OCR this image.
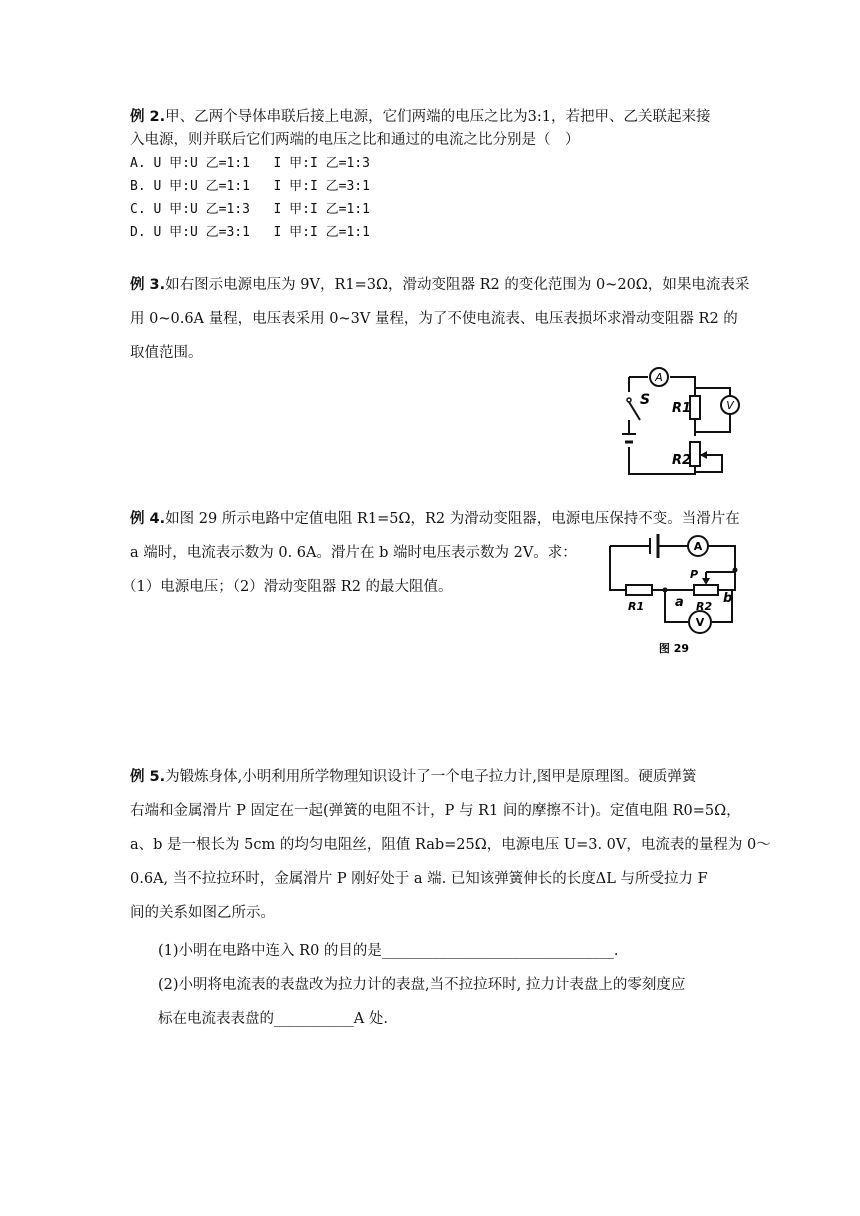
例 2.甲、乙两个导体串联后接上电源，它们两端的电压之比为3:1，若把甲、乙关联起来接
入电源，则并联后它们两端的电压之比和通过的电流之比分别是（　）
A. U 甲:U 乙=1:1 I 甲:I 乙=1:3
B. U 甲:U 乙=1:1 I 甲:I 乙=3:1
C. U 甲:U 乙=1:3 I 甲:I 乙=1:1
D. U 甲:U 乙=3:1 I 甲:I 乙=1:1
例 3.如右图示电源电压为 9V，R1=3Ω，滑动变阻器 R2 的变化范围为 0~20Ω，如果电流表采
用 0~0.6A 量程，电压表采用 0~3V 量程，为了不使电流表、电压表损坏求滑动变阻器 R2 的
取值范围。
A
V
S
R1
R2
例 4.如图 29 所示电路中定值电阻 R1=5Ω，R2 为滑动变阻器，电源电压保持不变。当滑片在
a 端时，电流表示数为 0. 6A。滑片在 b 端时电压表示数为 2V。求：
（1）电源电压；（2）滑动变阻器 R2 的最大阻值。
A
V
P
R1	R2
a	b
图 29
例 5.为锻炼身体,小明利用所学物理知识设计了一个电子拉力计,图甲是原理图。硬质弹簧
右端和金属滑片 P 固定在一起(弹簧的电阻不计，P 与 R1 间的摩擦不计)。定值电阻 R0=5Ω，
a、b 是一根长为 5cm 的均匀电阻丝，阻值 Rab=25Ω，电源电压 U=3. 0V，电流表的量程为 0～
0.6A, 当不拉拉环时，金属滑片 P 刚好处于 a 端. 已知该弹簧伸长的长度ΔL 与所受拉力 F
间的关系如图乙所示。
(1)小明在电路中连入 R0 的目的是________________________________.
(2)小明将电流表的表盘改为拉力计的表盘,当不拉拉环时, 拉力计表盘上的零刻度应
标在电流表表盘的___________A 处.
